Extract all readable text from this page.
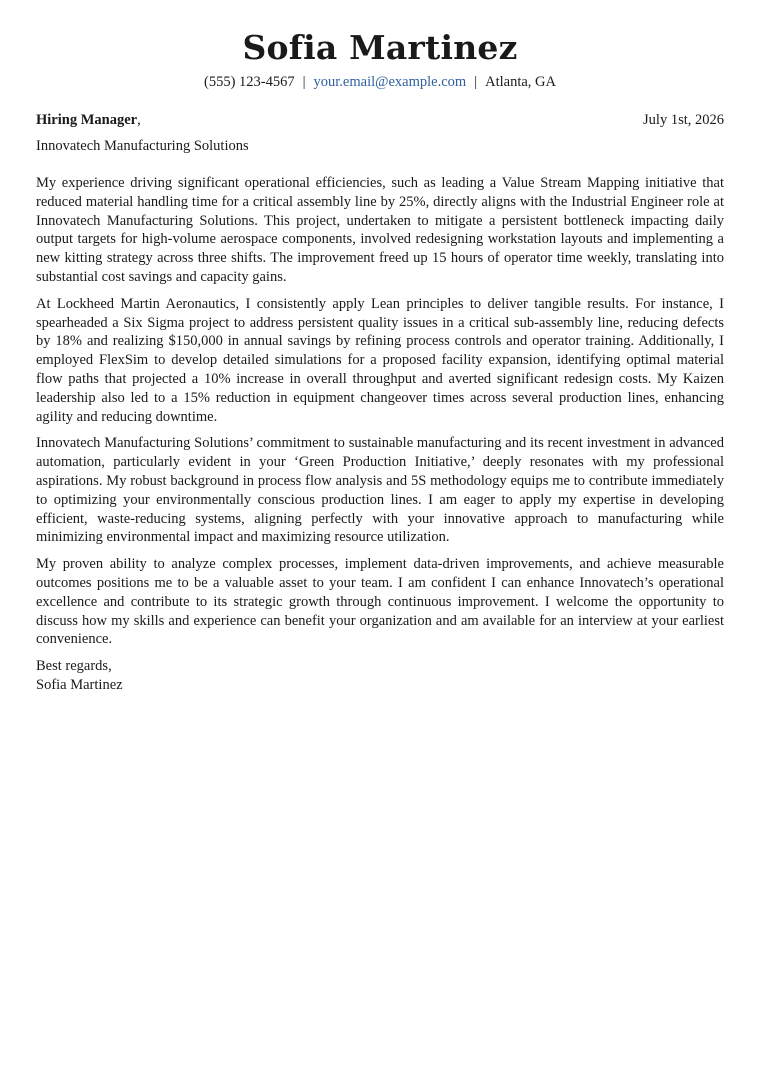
Sofia Martinez
(555) 123-4567 | your.email@example.com | Atlanta, GA
Hiring Manager,	July 1st, 2026
Innovatech Manufacturing Solutions

My experience driving significant operational efficiencies, such as leading a Value Stream Mapping initiative that reduced material handling time for a critical assembly line by 25%, directly aligns with the Industrial Engineer role at Innovatech Manufacturing Solutions. This project, undertaken to mitigate a persistent bottleneck impacting daily output targets for high-volume aerospace components, involved redesigning workstation layouts and implementing a new kitting strategy across three shifts. The improvement freed up 15 hours of operator time weekly, translating into substantial cost savings and capacity gains.

At Lockheed Martin Aeronautics, I consistently apply Lean principles to deliver tangible results. For instance, I spearheaded a Six Sigma project to address persistent quality issues in a critical sub-assembly line, reducing defects by 18% and realizing $150,000 in annual savings by refining process controls and operator training. Additionally, I employed FlexSim to develop detailed simulations for a proposed facility expansion, identifying optimal material flow paths that projected a 10% increase in overall throughput and averted significant redesign costs. My Kaizen leadership also led to a 15% reduction in equipment changeover times across several production lines, enhancing agility and reducing downtime.

Innovatech Manufacturing Solutions’ commitment to sustainable manufacturing and its recent investment in advanced automation, particularly evident in your ‘Green Production Initiative,’ deeply resonates with my professional aspirations. My robust background in process flow analysis and 5S methodology equips me to contribute immediately to optimizing your environmentally conscious production lines. I am eager to apply my expertise in developing efficient, waste-reducing systems, aligning perfectly with your innovative approach to manufacturing while minimizing environmental impact and maximizing resource utilization.

My proven ability to analyze complex processes, implement data-driven improvements, and achieve measurable outcomes positions me to be a valuable asset to your team. I am confident I can enhance Innovatech’s operational excellence and contribute to its strategic growth through continuous improvement. I welcome the opportunity to discuss how my skills and experience can benefit your organization and am available for an interview at your earliest convenience.

Best regards,
Sofia Martinez
